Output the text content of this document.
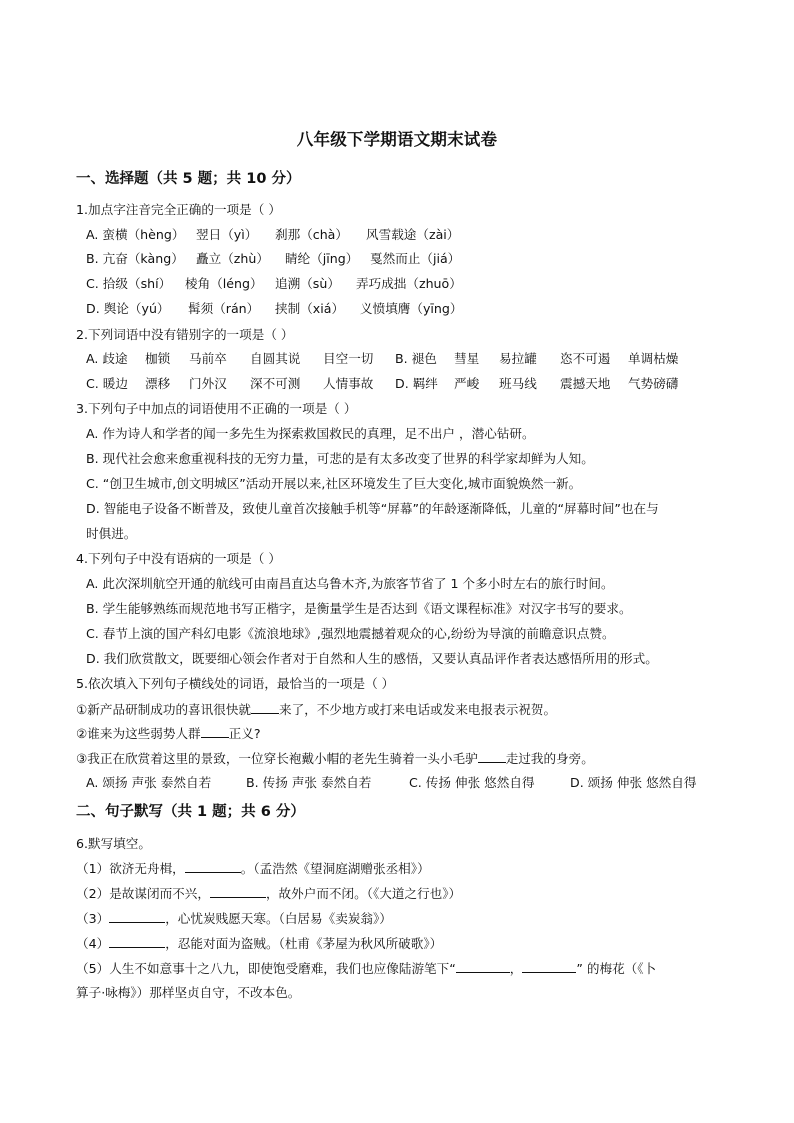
八年级下学期语文期末试卷
一、选择题（共 5 题；共 10 分）
1.加点字注音完全正确的一项是（ ）
A. 蛮横（hèng） 翌日（yì） 刹那（chà） 风雪载途（zài）
B. 亢奋（kàng） 矗立（zhù） 睛纶（jīng） 戛然而止（jiá）
C. 拾级（shí） 棱角（léng） 追溯（sù） 弄巧成拙（zhuō）
D. 舆论（yú） 髯须（rán） 挟制（xiá） 义愤填膺（yīng）
2.下列词语中没有错别字的一项是（ ）
A. 歧途 枷锁 马前卒 自圆其说 目空一切 B. 褪色 彗星 易拉罐 恣不可遏 单调枯燥
C. 暖边 漂移 门外汉 深不可测 人情事故 D. 羁绊 严峻 班马线 震撼天地 气势磅礴
3.下列句子中加点的词语使用不正确的一项是（ ）
A. 作为诗人和学者的闻一多先生为探索救国救民的真理，足不出户 ，潜心钻研。
B. 现代社会愈来愈重视科技的无穷力量，可悲的是有太多改变了世界的科学家却鲜为人知。
C. “创卫生城市,创文明城区”活动开展以来,社区环境发生了巨大变化,城市面貌焕然一新。
D. 智能电子设备不断普及，致使儿童首次接触手机等“屏幕”的年龄逐渐降低，儿童的“屏幕时间”也在与
时俱进。
4.下列句子中没有语病的一项是（ ）
A. 此次深圳航空开通的航线可由南昌直达乌鲁木齐,为旅客节省了 1 个多小时左右的旅行时间。
B. 学生能够熟练而规范地书写正楷字，是衡量学生是否达到《语文课程标准》对汉字书写的要求。
C. 春节上演的国产科幻电影《流浪地球》,强烈地震撼着观众的心,纷纷为导演的前瞻意识点赞。
D. 我们欣赏散文，既要细心领会作者对于自然和人生的感悟，又要认真品评作者表达感悟所用的形式。
5.依次填入下列句子横线处的词语，最恰当的一项是（ ）
①新产品研制成功的喜讯很快就 来了，不少地方或打来电话或发来电报表示祝贺。
②谁来为这些弱势人群 正义?
③我正在欣赏着这里的景致，一位穿长袍戴小帽的老先生骑着一头小毛驴 走过我的身旁。
A. 颂扬 声张 泰然自若	B. 传扬 声张 泰然自若	C. 传扬 伸张 悠然自得	D. 颂扬 伸张 悠然自得
二、句子默写（共 1 题；共 6 分）
6.默写填空。
（1）欲济无舟楫，	。（孟浩然《望洞庭湖赠张丞相》）
（2）是故谋闭而不兴，	，故外户而不闭。（《大道之行也》）
（3）	，心忧炭贱愿天寒。（白居易《卖炭翁》）
（4）	，忍能对面为盗贼。（杜甫《茅屋为秋风所破歌》）
（5）人生不如意事十之八九，即使饱受磨难，我们也应像陆游笔下“	，	” 的梅花（《卜
算子·咏梅》）那样坚贞自守，不改本色。
